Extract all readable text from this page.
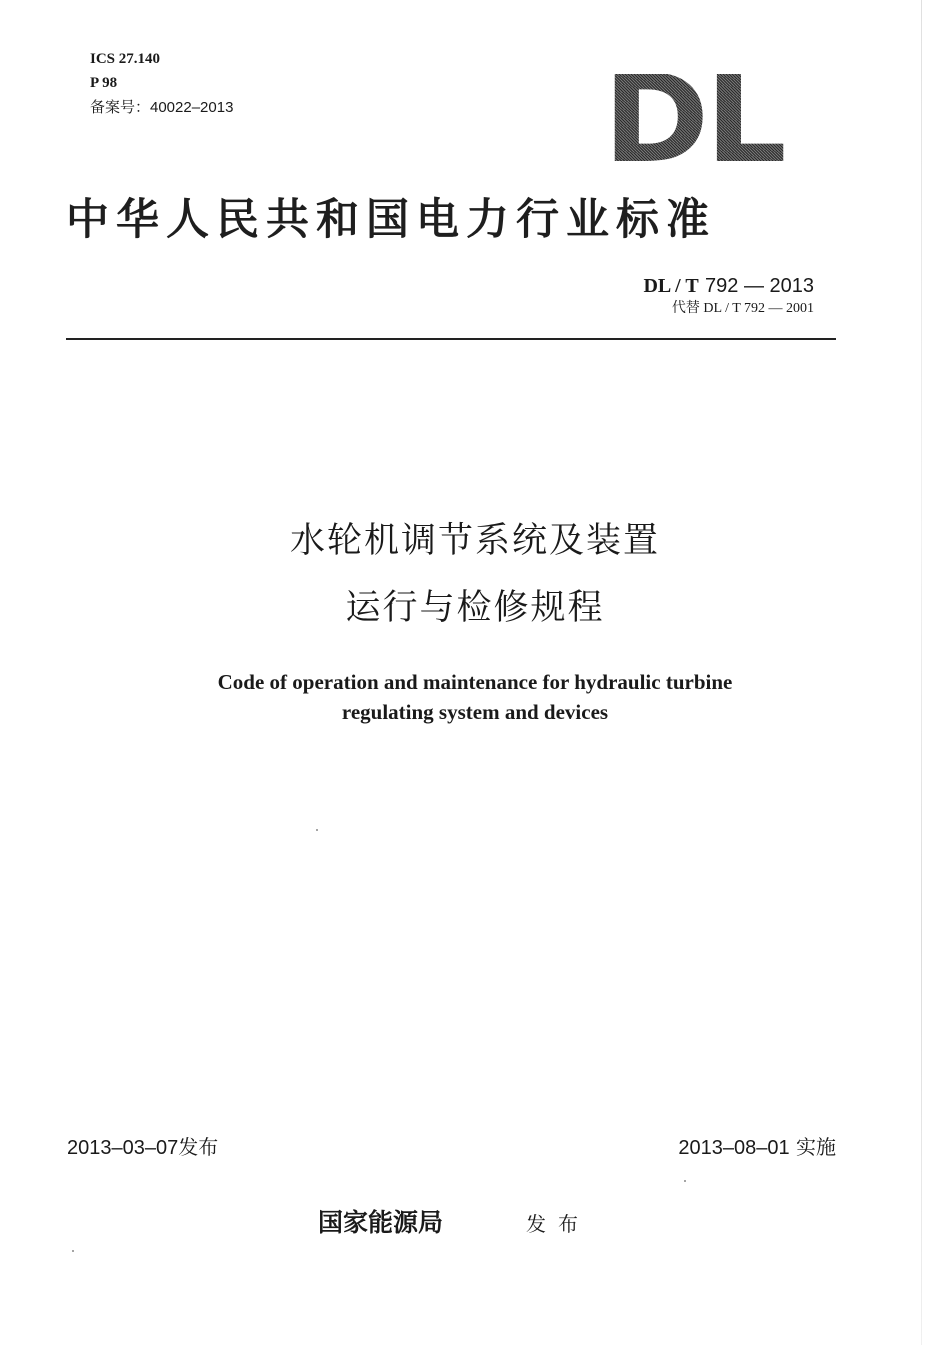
ICS 27.140
P 98
备案号：40022–2013	DL
中华人民共和国电力行业标准
DL / T 792 — 2013
代替 DL / T 792 — 2001
水轮机调节系统及装置
运行与检修规程
Code of operation and maintenance for hydraulic turbine
regulating system and devices
2013–03–07发布	2013–08–01 实施
国家能源局	发布
